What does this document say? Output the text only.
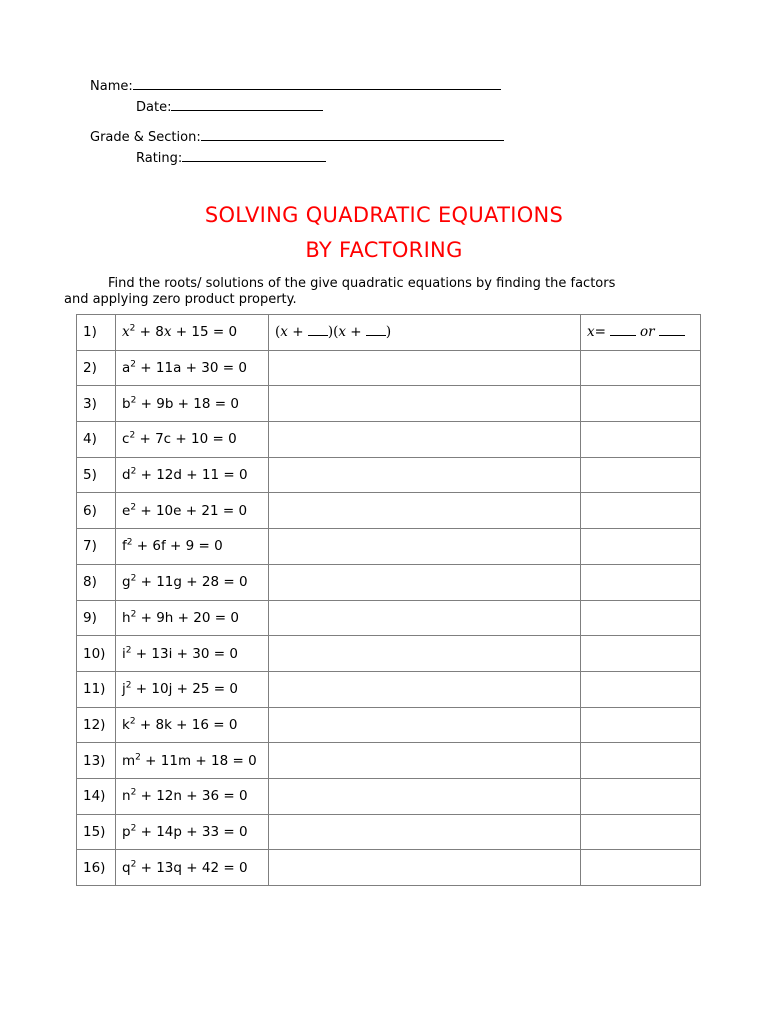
Name:
Date:
Grade & Section:
Rating:
SOLVING QUADRATIC EQUATIONS
BY FACTORING
Find the roots/ solutions of the give quadratic equations by finding the factors
and applying zero product property.
1)	$x^2 + 8x + 15 = 0$	(x + )(x + )	x= or
2)	$a^2 + 11a + 30 = 0$		
3)	$b^2 + 9b + 18 = 0$		
4)	$c^2 + 7c + 10 = 0$		
5)	$d^2 + 12d + 11 = 0$		
6)	$e^2 + 10e + 21 = 0$		
7)	$f^2 + 6f + 9 = 0$		
8)	$g^2 + 11g + 28 = 0$		
9)	$h^2 + 9h + 20 = 0$		
10)	$i^2 + 13i + 30 = 0$		
11)	$j^2 + 10j + 25 = 0$		
12)	$k^2 + 8k + 16 = 0$		
13)	$m^2 + 11m + 18 = 0$		
14)	$n^2 + 12n + 36 = 0$		
15)	$p^2 + 14p + 33 = 0$		
16)	$q^2 + 13q + 42 = 0$		
